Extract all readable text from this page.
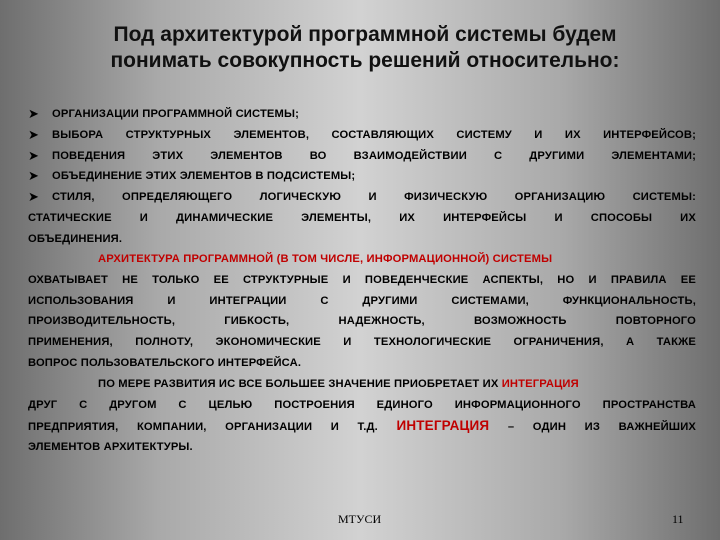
Под архитектурой программной системы будем
понимать совокупность решений относительно:
➤ ОРГАНИЗАЦИИ ПРОГРАММНОЙ СИСТЕМЫ;
➤ ВЫБОРА СТРУКТУРНЫХ ЭЛЕМЕНТОВ, СОСТАВЛЯЮЩИХ СИСТЕМУ И ИХ ИНТЕРФЕЙСОВ;
➤ ПОВЕДЕНИЯ ЭТИХ ЭЛЕМЕНТОВ ВО ВЗАИМОДЕЙСТВИИ С ДРУГИМИ ЭЛЕМЕНТАМИ;
➤ ОБЪЕДИНЕНИЕ ЭТИХ ЭЛЕМЕНТОВ В ПОДСИСТЕМЫ;
➤ СТИЛЯ, ОПРЕДЕЛЯЮЩЕГО ЛОГИЧЕСКУЮ И ФИЗИЧЕСКУЮ ОРГАНИЗАЦИЮ СИСТЕМЫ:
СТАТИЧЕСКИЕ И ДИНАМИЧЕСКИЕ ЭЛЕМЕНТЫ, ИХ ИНТЕРФЕЙСЫ И СПОСОБЫ ИХ
ОБЪЕДИНЕНИЯ.
АРХИТЕКТУРА ПРОГРАММНОЙ (В ТОМ ЧИСЛЕ, ИНФОРМАЦИОННОЙ) СИСТЕМЫ
ОХВАТЫВАЕТ НЕ ТОЛЬКО ЕЕ СТРУКТУРНЫЕ И ПОВЕДЕНЧЕСКИЕ АСПЕКТЫ, НО И ПРАВИЛА ЕЕ
ИСПОЛЬЗОВАНИЯ И ИНТЕГРАЦИИ С ДРУГИМИ СИСТЕМАМИ, ФУНКЦИОНАЛЬНОСТЬ,
ПРОИЗВОДИТЕЛЬНОСТЬ, ГИБКОСТЬ, НАДЕЖНОСТЬ, ВОЗМОЖНОСТЬ ПОВТОРНОГО
ПРИМЕНЕНИЯ, ПОЛНОТУ, ЭКОНОМИЧЕСКИЕ И ТЕХНОЛОГИЧЕСКИЕ ОГРАНИЧЕНИЯ, А ТАКЖЕ
ВОПРОС ПОЛЬЗОВАТЕЛЬСКОГО ИНТЕРФЕЙСА.
ПО МЕРЕ РАЗВИТИЯ ИС ВСЕ БОЛЬШЕЕ ЗНАЧЕНИЕ ПРИОБРЕТАЕТ ИХ ИНТЕГРАЦИЯ
ДРУГ С ДРУГОМ С ЦЕЛЬЮ ПОСТРОЕНИЯ ЕДИНОГО ИНФОРМАЦИОННОГО ПРОСТРАНСТВА
ПРЕДПРИЯТИЯ, КОМПАНИИ, ОРГАНИЗАЦИИ И Т.Д. ИНТЕГРАЦИЯ – ОДИН ИЗ ВАЖНЕЙШИХ
ЭЛЕМЕНТОВ АРХИТЕКТУРЫ.
МТУСИ	11
